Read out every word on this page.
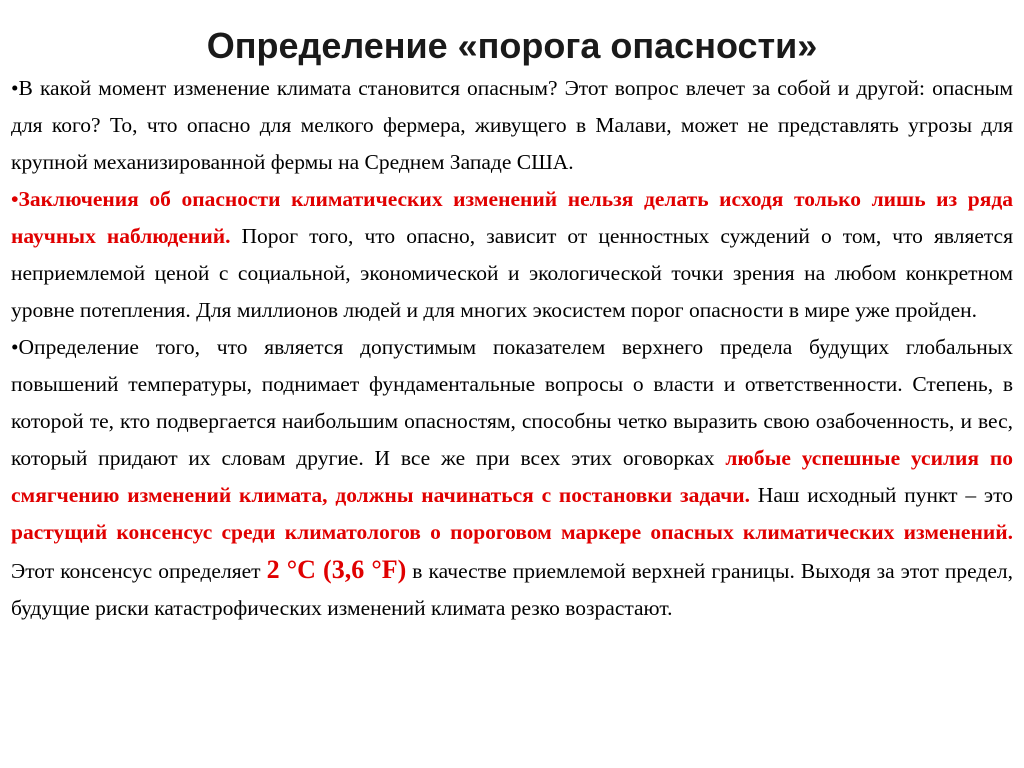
Определение «порога опасности»

•В какой момент изменение климата становится опасным? Этот вопрос влечет за собой и другой: опасным для кого? То, что опасно для мелкого фермера, живущего в Малави, может не представлять угрозы для крупной механизированной фермы на Среднем Западе США.

•Заключения об опасности климатических изменений нельзя делать исходя только лишь из ряда научных наблюдений. Порог того, что опасно, зависит от ценностных суждений о том, что является неприемлемой ценой с социальной, экономической и экологической точки зрения на любом конкретном уровне потепления. Для миллионов людей и для многих экосистем порог опасности в мире уже пройден.

•Определение того, что является допустимым показателем верхнего предела будущих глобальных повышений температуры, поднимает фундаментальные вопросы о власти и ответственности. Степень, в которой те, кто подвергается наибольшим опасностям, способны четко выразить свою озабоченность, и вес, который придают их словам другие. И все же при всех этих оговорках любые успешные усилия по смягчению изменений климата, должны начинаться с постановки задачи. Наш исходный пункт – это растущий консенсус среди климатологов о пороговом маркере опасных климатических изменений. Этот консенсус определяет 2 °С (3,6 °F) в качестве приемлемой верхней границы. Выходя за этот предел, будущие риски катастрофических изменений климата резко возрастают.
